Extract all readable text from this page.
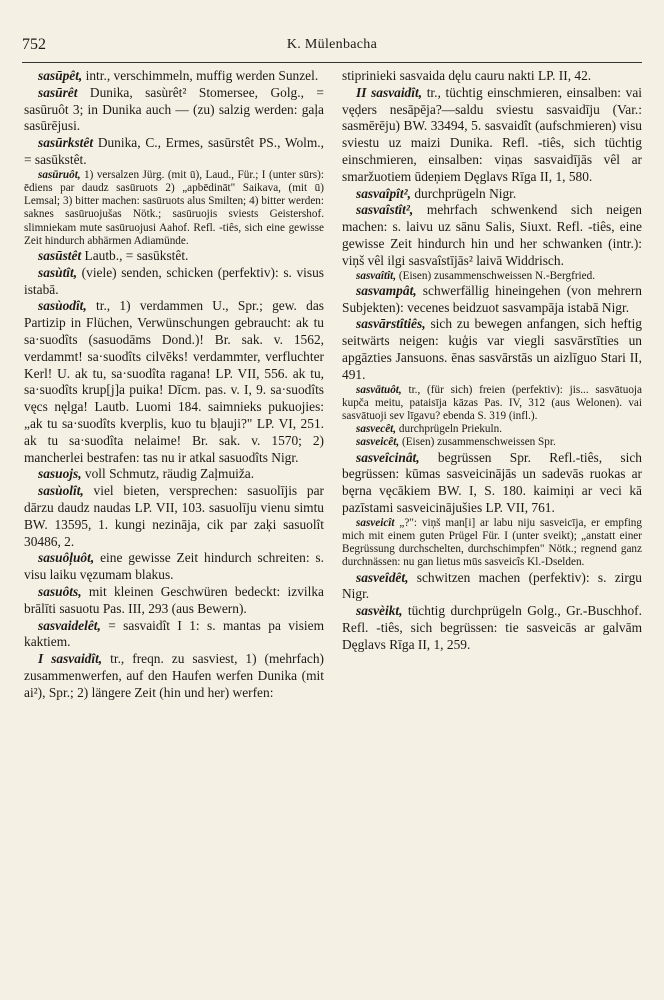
752	K. Mülenbacha

sasūpêt, intr., verschimmeln, muffig werden Sunzel.

sasūrêt Dunika, sasùrêt² Stomersee, Golg., = sasūruôt 3; in Dunika auch — (zu) salzig werden: gaļa sasūrējusi.

sasūrkstêt Dunika, C., Ermes, sasūrstêt PS., Wolm., = sasūkstêt.

sasūruôt, 1) versalzen Jürg. (mit ū), Laud., Für.; I (unter sūrs): ēdiens par daudz sasūruots 2) „apbēdināt" Saikava, (mit ū) Lemsal; 3) bitter machen: sasūruots alus Smilten; 4) bitter werden: saknes sasūruojušas Nötk.; sasūruojis sviests Geistershof. slimniekam mute sasūruojusi Aahof. Refl. -tiês, sich eine gewisse Zeit hindurch abhärmen Adiamünde.

sasūstêt Lautb., = sasūkstêt.

sasùtît, (viele) senden, schicken (perfektiv): s. visus istabā.

sasùodît, tr., 1) verdammen U., Spr.; gew. das Partizip in Flüchen, Verwünschungen gebraucht: ak tu sa·suodîts (sasuodāms Dond.)! Br. sak. v. 1562, verdammt! sa·suodîts cilvēks! verdammter, verfluchter Kerl! U. ak tu, sa·suodîta ragana! LP. VII, 556. ak tu, sa·suodîts krup[j]a puika! Dīcm. pas. v. I, 9. sa·suodîts vęcs nęlga! Lautb. Luomi 184. saimnieks pukuojies: „ak tu sa·suodîts kverplis, kuo tu bļauji?" LP. VI, 251. ak tu sa·suodîta nelaime! Br. sak. v. 1570; 2) mancherlei bestrafen: tas nu ir atkal sasuodîts Nigr.

sasuojs, voll Schmutz, räudig Zaļmuiža.

sasùolît, viel bieten, versprechen: sasuolījis par dārzu daudz naudas LP. VII, 103. sasuolīju vienu simtu BW. 13595, 1. kungi nezināja, cik par zaķi sasuolît 30486, 2.

sasuôļuôt, eine gewisse Zeit hindurch schreiten: s. visu laiku vęzumam blakus.

sasuôts, mit kleinen Geschwüren bedeckt: izvilka brālīti sasuotu Pas. III, 293 (aus Bewern).

sasvaidelêt, = sasvaidît I 1: s. mantas pa visiem kaktiem.

I sasvaidît, tr., freqn. zu sasviest, 1) (mehrfach) zusammenwerfen, auf den Haufen werfen Dunika (mit ai²), Spr.; 2) längere Zeit (hin und her) werfen:

stiprinieki sasvaida dęlu cauru nakti LP. II, 42.

II sasvaidît, tr., tüchtig einschmieren, einsalben: vai vęḑers nesāpēja?—saldu sviestu sasvaidīju (Var.: sasmērēju) BW. 33494, 5. sasvaidît (aufschmieren) visu sviestu uz maizi Dunika. Refl. -tiês, sich tüchtig einschmieren, einsalben: viņas sasvaidījās vêl ar smaržuotiem ūdeņiem Dęglavs Rīga II, 1, 580.

sasvaîpît², durchprügeln Nigr.

sasvaîstît², mehrfach schwenkend sich neigen machen: s. laivu uz sānu Salis, Siuxt. Refl. -tiês, eine gewisse Zeit hindurch hin und her schwanken (intr.): viņš vêl ilgi sasvaîstījās² laivā Widdrisch.

sasvaîtît, (Eisen) zusammenschweissen N.-Bergfried.

sasvampât, schwerfällig hineingehen (von mehrern Subjekten): vecenes beidzuot sasvampāja istabā Nigr.

sasvārstîtiês, sich zu bewegen anfangen, sich heftig seitwärts neigen: kuģis var viegli sasvārstīties un apgāzties Jansuons. ēnas sasvārstās un aizlīguo Stari II, 491.

sasvātuôt, tr., (für sich) freien (perfektiv): jis... sasvātuoja kupča meitu, pataisīja kāzas Pas. IV, 312 (aus Welonen). vai sasvātuoji sev līgavu? ebenda S. 319 (infl.).

sasvecêt, durchprügeln Priekuln.

sasveicêt, (Eisen) zusammenschweissen Spr.

sasveîcinât, begrüssen Spr. Refl.-tiês, sich begrüssen: kūmas sasveicinājās un sadevās ruokas ar bęrna vęcākiem BW. I, S. 180. kaimiņi ar veci kā pazīstami sasveicinājušies LP. VII, 761.

sasveicît „?": viņš man[i] ar labu niju sasveicīja, er empfing mich mit einem guten Prügel Für. I (unter sveikt); „anstatt einer Begrüssung durchschelten, durchschimpfen" Nötk.; regnend ganz durchnässen: nu gan lietus mūs sasveicîs Kl.-Dselden.

sasveîdêt, schwitzen machen (perfektiv): s. zirgu Nigr.

sasvèikt, tüchtig durchprügeln Golg., Gr.-Buschhof. Refl. -tiês, sich begrüssen: tie sasveicās ar galvām Dęglavs Rīga II, 1, 259.
